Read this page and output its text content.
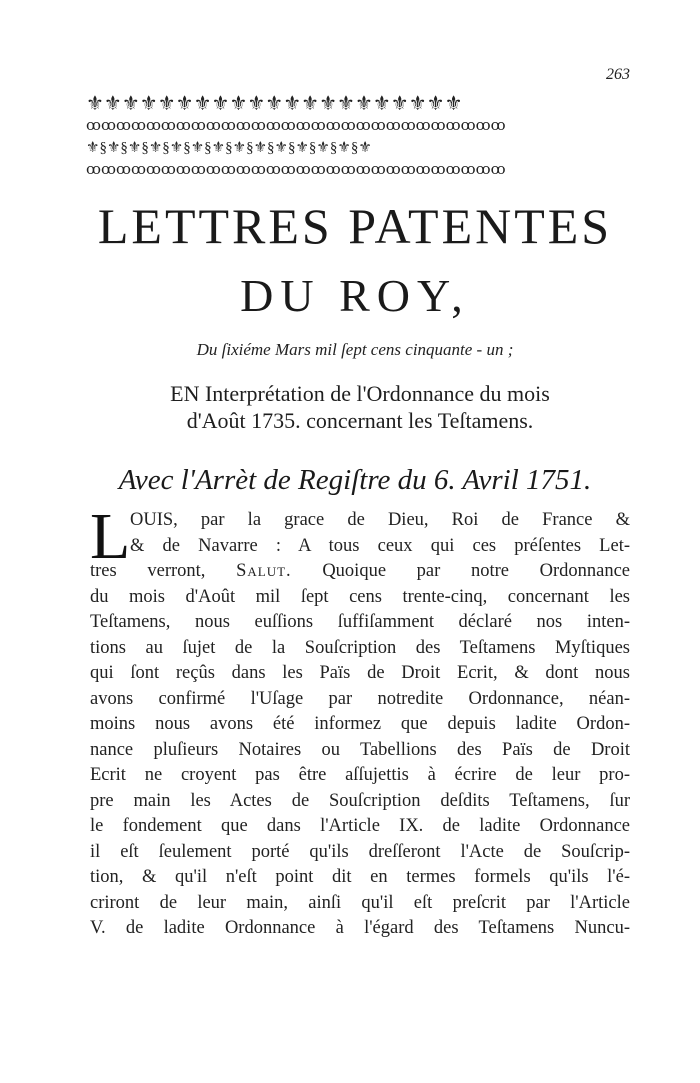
263
⚜⚜⚜⚜⚜⚜⚜⚜⚜⚜⚜⚜⚜⚜⚜⚜⚜⚜⚜⚜⚜
ꝏꝏꝏꝏꝏꝏꝏꝏꝏꝏꝏꝏꝏꝏꝏꝏꝏꝏꝏꝏꝏꝏꝏꝏꝏꝏꝏꝏ
⚜§⚜§⚜§⚜§⚜§⚜§⚜§⚜§⚜§⚜§⚜§⚜§⚜§⚜
ꝏꝏꝏꝏꝏꝏꝏꝏꝏꝏꝏꝏꝏꝏꝏꝏꝏꝏꝏꝏꝏꝏꝏꝏꝏꝏꝏꝏ
LETTRES PATENTES
DU ROY,
Du ſixiéme Mars mil ſept cens cinquante - un ;
EN Interprétation de l'Ordonnance du mois
d'Août 1735. concernant les Teſtamens.
Avec l'Arrèt de Regiſtre du 6. Avril 1751.
L OUIS, par la grace de Dieu, Roi de France &
& de Navarre : A tous ceux qui ces préſentes Let-
tres verront, Salut. Quoique par notre Ordonnance
du mois d'Août mil ſept cens trente-cinq, concernant les
Teſtamens, nous euſſions ſuffiſamment déclaré nos inten-
tions au ſujet de la Souſcription des Teſtamens Myſtiques
qui ſont reçûs dans les Païs de Droit Ecrit, & dont nous
avons confirmé l'Uſage par notredite Ordonnance, néan-
moins nous avons été informez que depuis ladite Ordon-
nance pluſieurs Notaires ou Tabellions des Païs de Droit
Ecrit ne croyent pas être aſſujettis à écrire de leur pro-
pre main les Actes de Souſcription deſdits Teſtamens, ſur
le fondement que dans l'Article IX. de ladite Ordonnance
il eſt ſeulement porté qu'ils dreſſeront l'Acte de Souſcrip-
tion, & qu'il n'eſt point dit en termes formels qu'ils l'é-
criront de leur main, ainſi qu'il eſt preſcrit par l'Article
V. de ladite Ordonnance à l'égard des Teſtamens Nuncu-
